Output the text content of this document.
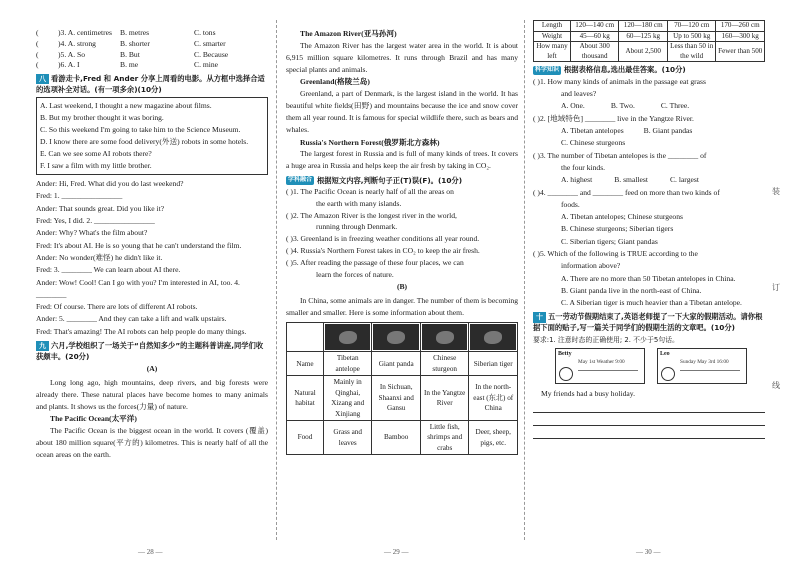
(	)3. A. centimetres	B. metres	C. tons
(	)4. A. strong	B. shorter	C. smarter
(	)5. A. So	B. But	C. Because
(	)6. A. I	B. me	C. mine
八 看游走卡,Fred 和 Ander 分享上周看的电影。从方框中选择合适的选项补全对话。(有一项多余)(10分)
A. Last weekend, I thought a new magazine about films.
B. But my brother thought it was boring.
C. So this weekend I'm going to take him to the Science Museum.
D. I know there are some food delivery(外送) robots in some hotels.
E. Can we see some AI robots there?
F. I saw a film with my little brother.
Ander: Hi, Fred. What did you do last weekend?
Fred: 1. ________________
Ander: That sounds great. Did you like it?
Fred: Yes, I did. 2. ________________
Ander: Why? What's the film about?
Fred: It's about AI. He is so young that he can't understand the film.
Ander: No wonder(难怪) he didn't like it.
Fred: 3. ________ We can learn about AI there.
Ander: Wow! Cool! Can I go with you? I'm interested in AI, too. 4. ________
Fred: Of course. There are lots of different AI robots.
Ander: 5. ________ And they can take a lift and walk upstairs.
Fred: That's amazing! The AI robots can help people do many things.
九 六月,学校组织了一场关于“自然知多少”的主题科普讲座,同学们收获颇丰。(20分)
(A)

Long long ago, high mountains, deep rivers, and big forests were already there. These natural places have become homes to many animals and plants. It shows us the forces(力量) of nature.

The Pacific Ocean(太平洋)

The Pacific Ocean is the biggest ocean in the world. It covers (覆盖) about 180 million square(平方的) kilometres. This is nearly half of all the ocean areas on the earth.

— 28 —
The Amazon River(亚马孙河)

The Amazon River has the largest water area in the world. It is about 6,915 million square kilometres. It runs through Brazil and has many special plants and animals.

Greenland(格陵兰岛)

Greenland, a part of Denmark, is the largest island in the world. It has beautiful white fields(田野) and mountains because the ice and snow cover them all year round. It is famous for special wildlife there, such as bears and whales.

Russia's Northern Forest(俄罗斯北方森林)

The largest forest in Russia and is full of many kinds of trees. It covers a huge area in Russia and helps keep the air fresh by taking in CO₂.

学科融合 根据短文内容,判断句子正(T)误(F)。(10分)
( )1. The Pacific Ocean is nearly half of all the areas on
the earth with many islands.
( )2. The Amazon River is the longest river in the world,
running through Denmark.
( )3. Greenland is in freezing weather conditions all year round.
( )4. Russia's Northern Forest takes in CO₂ to keep the air fresh.
( )5. After reading the passage of these four places, we can
learn the forces of nature.
(B)

In China, some animals are in danger. The number of them is becoming smaller and smaller. Here is some information about them.

Name	Tibetan antelope	Giant panda	Chinese sturgeon	Siberian tiger
Natural habitat	Mainly in Qinghai, Xizang and Xinjiang	In Sichuan, Shaanxi and Gansu	In the Yangtze River	In the north-east (东北) of China
Food	Grass and leaves	Bamboo	Little fish, shrimps and crabs	Deer, sheep, pigs, etc.
— 29 —
Length	120—140 cm	120—180 cm	70—120 cm	170—260 cm
Weight	45—60 kg	60—125 kg	Up to 500 kg	160—300 kg
How many left	About 300 thousand	About 2,500	Less than 50 in the wild	Fewer than 500
科学知识 根据表格信息,选出最佳答案。(10分)
( )1. How many kinds of animals in the passage eat grass
and leaves?
A. One.	B. Two.	C. Three.
( )2. [地域特色] ________ live in the Yangtze River.
A. Tibetan antelopes	B. Giant pandas
C. Chinese sturgeons
( )3. The number of Tibetan antelopes is the ________ of
the four kinds.
A. highest	B. smallest	C. largest
( )4. ________ and ________ feed on more than two kinds of
foods.
A. Tibetan antelopes; Chinese sturgeons
B. Chinese sturgeons; Siberian tigers
C. Siberian tigers; Giant pandas
( )5. Which of the following is TRUE according to the
information above?
A. There are no more than 50 Tibetan antelopes in China.
B. Giant panda live in the north-east of China.
C. A Siberian tiger is much heavier than a Tibetan antelope.
十 五一劳动节假期结束了,英语老师提了一下大家的假期活动。请你根据下面的贴子,写一篇关于同学们的假期生活的文章吧。(10分)
要求:1. 注意时态的正确使用; 2. 不少于5句话。
Betty
May 1st Weather 9:00
Leo
Sunday May 3rd 16:00
My friends had a busy holiday.
— 30 —
装
订
线
